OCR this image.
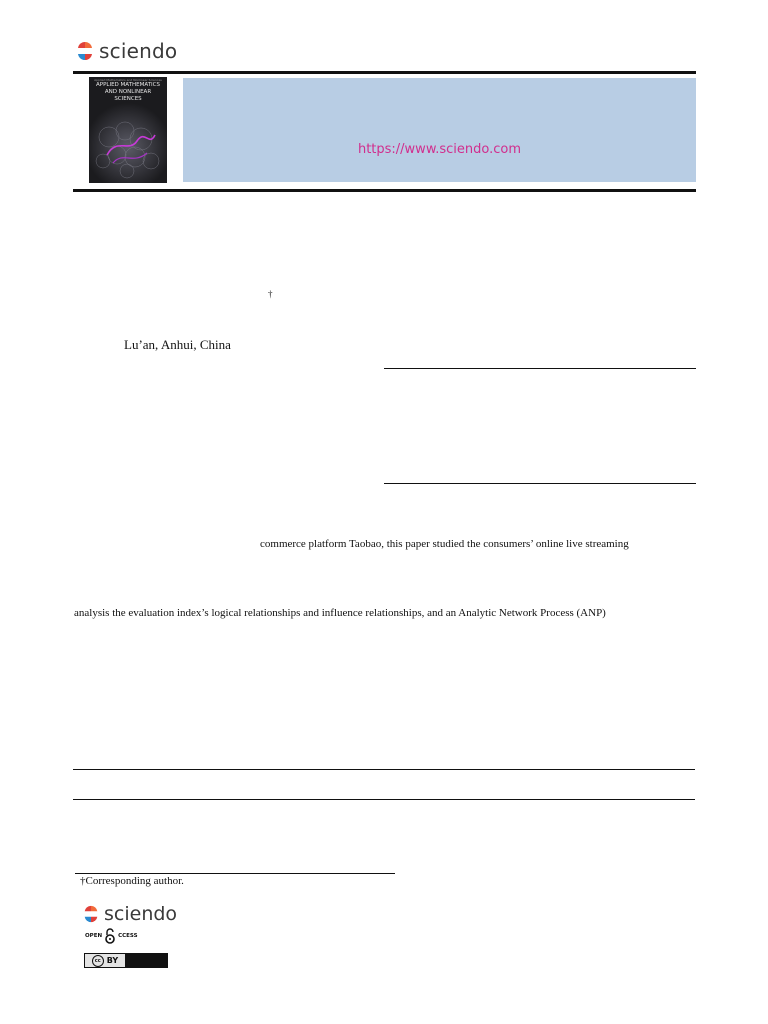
sciendo
Applied Mathematics and Nonlinear Sciences
APPLIED MATHEMATICS AND NONLINEAR SCIENCES
https://www.sciendo.com
†
Lu’an, Anhui, China
commerce platform Taobao, this paper studied the consumers’ online live streaming
analysis the evaluation index’s logical relationships and influence relationships, and an Analytic Network Process (ANP)
†Corresponding author.
sciendo
OPEN	CCESS
cc BY
